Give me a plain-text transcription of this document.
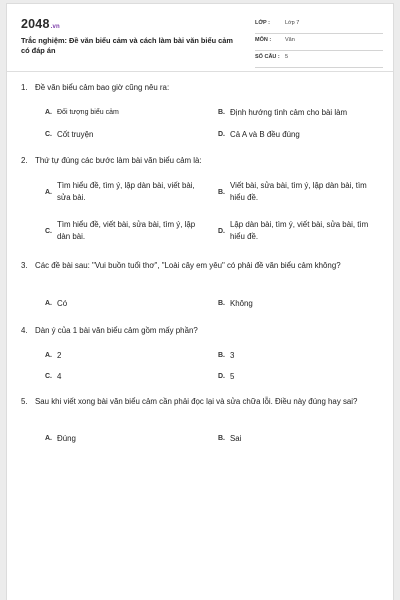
2048.vn
Trắc nghiệm: Đề văn biểu cảm và cách làm bài văn biểu cảm có đáp án
LỚP :	Lớp 7
MÔN :	Văn
SỐ CÂU : 5
1. Đề văn biểu cảm bao giờ cũng nêu ra:
A. Đối tượng biểu cảm	B. Định hướng tình cảm cho bài làm
C. Cốt truyện	D. Cả A và B đều đúng
2. Thứ tự đúng các bước làm bài văn biểu cảm là:
A.
Tìm hiểu đề, tìm ý, lập dàn bài, viết bài, sửa bài.
B.
Viết bài, sửa bài, tìm ý, lập dàn bài, tìm hiểu đề.
C.
Tìm hiểu đề, viết bài, sửa bài, tìm ý, lập dàn bài.
D.
Lập dàn bài, tìm ý, viết bài, sửa bài, tìm hiểu đề.
3. Các đề bài sau: "Vui buồn tuổi thơ", "Loài cây em yêu" có phải đề văn biểu cảm không?
A. Có	B. Không
4. Dàn ý của 1 bài văn biểu cảm gồm mấy phần?
A. 2	B. 3
C. 4	D. 5
5. Sau khi viết xong bài văn biểu cảm cần phải đọc lại và sửa chữa lỗi. Điều này đúng hay sai?
A. Đúng	B. Sai
